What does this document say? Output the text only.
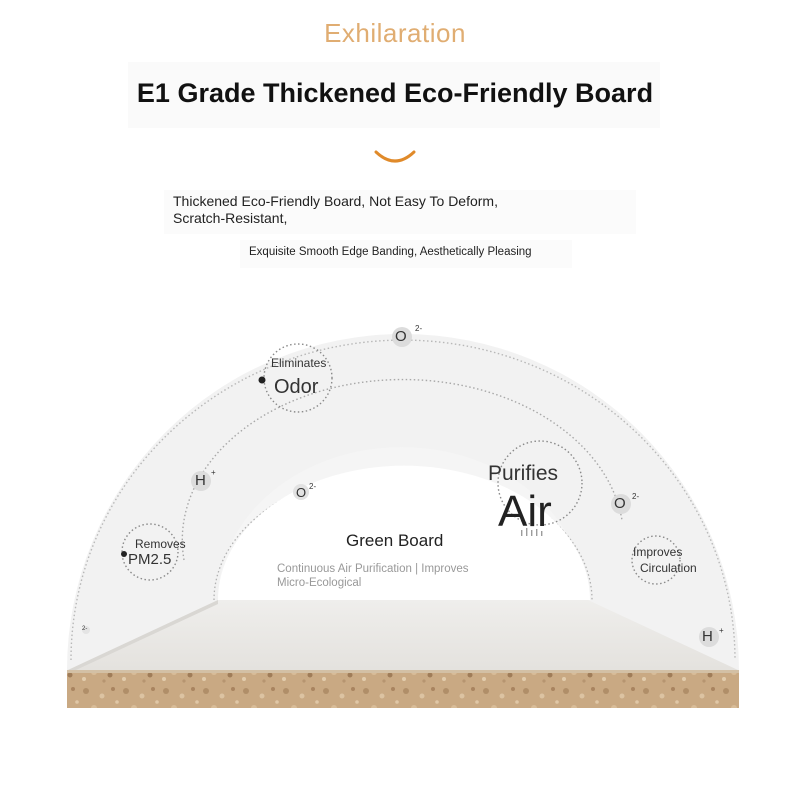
Exhilaration
E1 Grade Thickened Eco-Friendly Board
Thickened Eco-Friendly Board, Not Easy To Deform,
Scratch-Resistant,
Exquisite Smooth Edge Banding, Aesthetically Pleasing
O 2-
H +
O 2-
O 2-
H +
2-
Eliminates
Odor
Removes
PM2.5
Purifies
Air
Improves
Circulation
Green Board
Continuous Air Purification | Improves
Micro-Ecological
